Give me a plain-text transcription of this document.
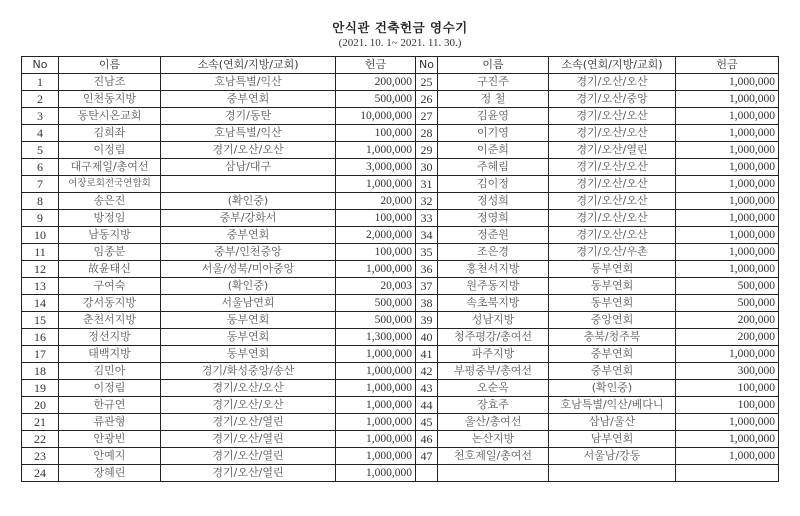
안식관 건축헌금 영수기
(2021. 10. 1~ 2021. 11. 30.)
No	이름	소속(연회/지방/교회)	헌금	No	이름	소속(연회/지방/교회)	헌금
1	진남조	호남특별/익산	200,000	25	구진주	경기/오산/오산	1,000,000
2	인천동지방	중부연회	500,000	26	정 철	경기/오산/중앙	1,000,000
3	동탄시온교회	경기/동탄	10,000,000	27	김윤영	경기/오산/오산	1,000,000
4	김희좌	호남특별/익산	100,000	28	이기영	경기/오산/오산	1,000,000
5	이정림	경기/오산/오산	1,000,000	29	이준희	경기/오산/열린	1,000,000
6	대구제일/총여선	삼남/대구	3,000,000	30	주혜림	경기/오산/오산	1,000,000
7	여장로회전국연합회		1,000,000	31	김이정	경기/오산/오산	1,000,000
8	송은진	(확인중)	20,000	32	정성희	경기/오산/오산	1,000,000
9	방정임	중부/강화서	100,000	33	정영희	경기/오산/오산	1,000,000
10	남동지방	중부연회	2,000,000	34	정준원	경기/오산/오산	1,000,000
11	임종분	중부/인천중앙	100,000	35	조은경	경기/오산/우촌	1,000,000
12	故윤태신	서울/성북/미아중앙	1,000,000	36	홍천서지방	동부연회	1,000,000
13	구여숙	(확인중)	20,003	37	원주동지방	동부연회	500,000
14	강서동지방	서울남연회	500,000	38	속초북지방	동부연회	500,000
15	춘천서지방	동부연회	500,000	39	성남지방	중앙연회	200,000
16	정선지방	동부연회	1,300,000	40	청주평강/총여선	충북/청주북	200,000
17	태백지방	동부연회	1,000,000	41	파주지방	중부연회	1,000,000
18	김민아	경기/화성중앙/송산	1,000,000	42	부평중부/총여선	중부연회	300,000
19	이정림	경기/오산/오산	1,000,000	43	오순옥	(확인중)	100,000
20	한규연	경기/오산/오산	1,000,000	44	장효주	호남특별/익산/베다니	100,000
21	류관형	경기/오산/열린	1,000,000	45	울산/총여선	삼남/울산	1,000,000
22	안광빈	경기/오산/열린	1,000,000	46	논산지방	남부연회	1,000,000
23	안예지	경기/오산/열린	1,000,000	47	천호제일/총여선	서울남/강동	1,000,000
24	장혜린	경기/오산/열린	1,000,000				
